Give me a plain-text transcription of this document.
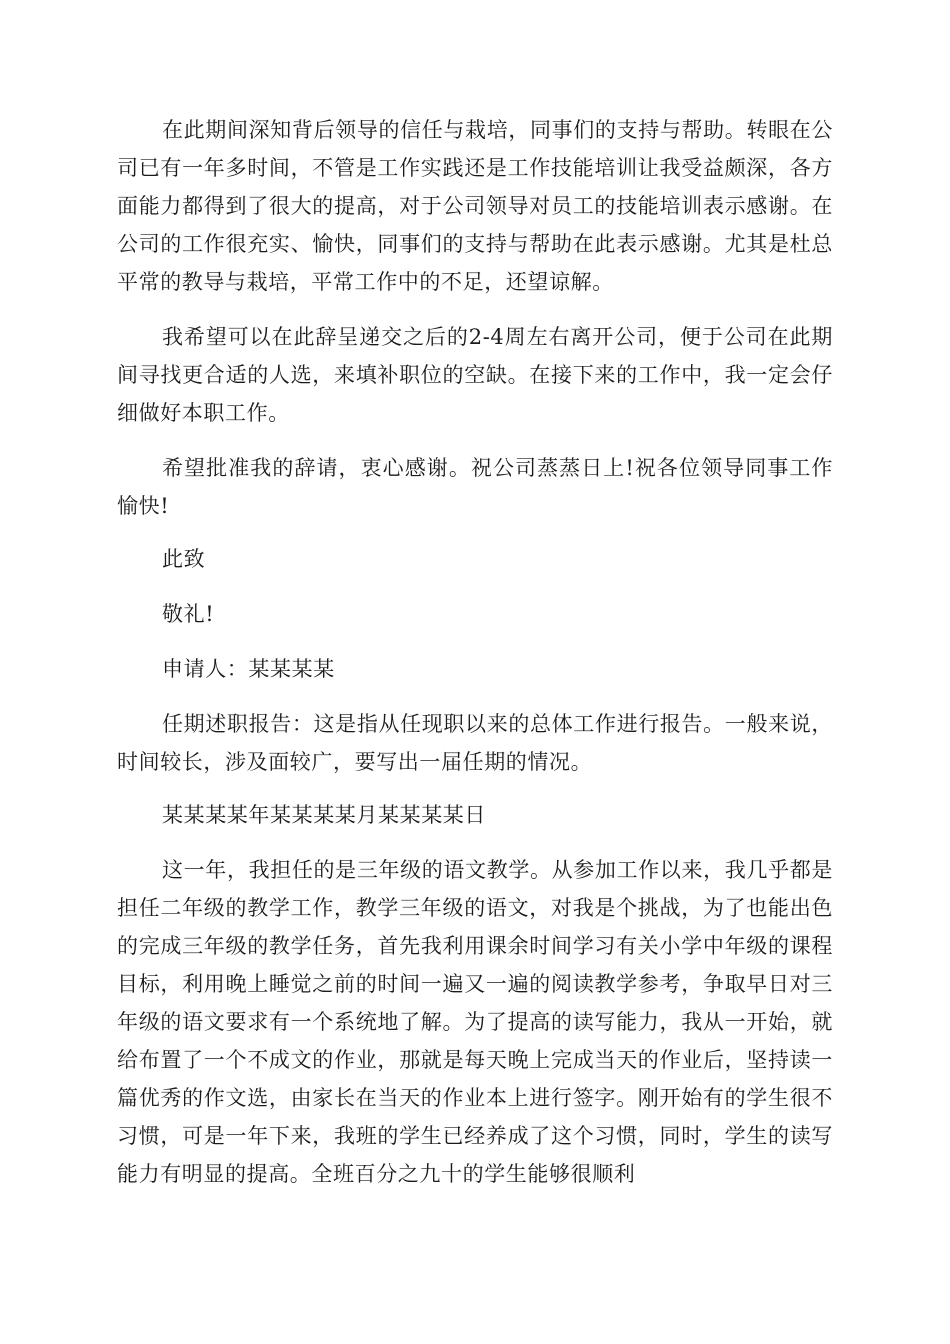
在此期间深知背后领导的信任与栽培，同事们的支持与帮助。转眼在公司已有一年多时间，不管是工作实践还是工作技能培训让我受益颇深，各方面能力都得到了很大的提高，对于公司领导对员工的技能培训表示感谢。在公司的工作很充实、愉快，同事们的支持与帮助在此表示感谢。尤其是杜总平常的教导与栽培，平常工作中的不足，还望谅解。

我希望可以在此辞呈递交之后的2-4周左右离开公司，便于公司在此期间寻找更合适的人选，来填补职位的空缺。在接下来的工作中，我一定会仔细做好本职工作。

希望批准我的辞请，衷心感谢。祝公司蒸蒸日上!祝各位领导同事工作愉快!

此致

敬礼!

申请人：某某某某

任期述职报告：这是指从任现职以来的总体工作进行报告。一般来说，时间较长，涉及面较广，要写出一届任期的情况。

某某某某年某某某某月某某某某日

这一年，我担任的是三年级的语文教学。从参加工作以来，我几乎都是担任二年级的教学工作，教学三年级的语文，对我是个挑战，为了也能出色的完成三年级的教学任务，首先我利用课余时间学习有关小学中年级的课程目标，利用晚上睡觉之前的时间一遍又一遍的阅读教学参考，争取早日对三年级的语文要求有一个系统地了解。为了提高的读写能力，我从一开始，就给布置了一个不成文的作业，那就是每天晚上完成当天的作业后，坚持读一篇优秀的作文选，由家长在当天的作业本上进行签字。刚开始有的学生很不习惯，可是一年下来，我班的学生已经养成了这个习惯，同时，学生的读写能力有明显的提高。全班百分之九十的学生能够很顺利
